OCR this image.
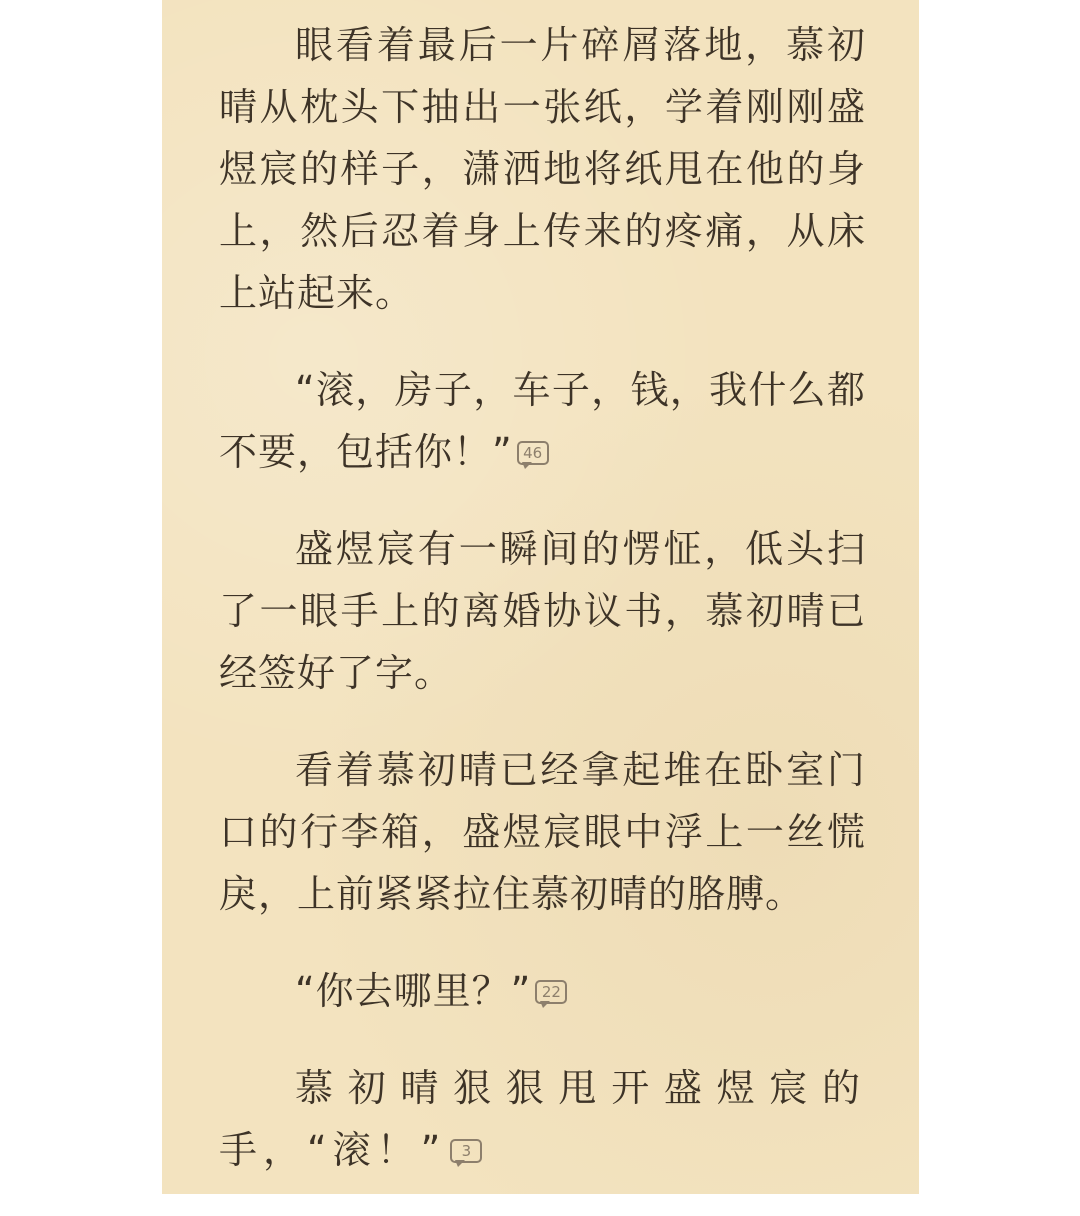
眼看着最后一片碎屑落地，慕初晴从枕头下抽出一张纸，学着刚刚盛煜宸的样子，潇洒地将纸甩在他的身上，然后忍着身上传来的疼痛，从床上站起来。

“滚，房子，车子，钱，我什么都不要，包括你！” 46

盛煜宸有一瞬间的愣怔，低头扫了一眼手上的离婚协议书，慕初晴已经签好了字。

看着慕初晴已经拿起堆在卧室门口的行李箱，盛煜宸眼中浮上一丝慌戾，上前紧紧拉住慕初晴的胳膊。

“你去哪里？” 22

慕初晴狠狠甩开盛煜宸的手，“滚！”	3
